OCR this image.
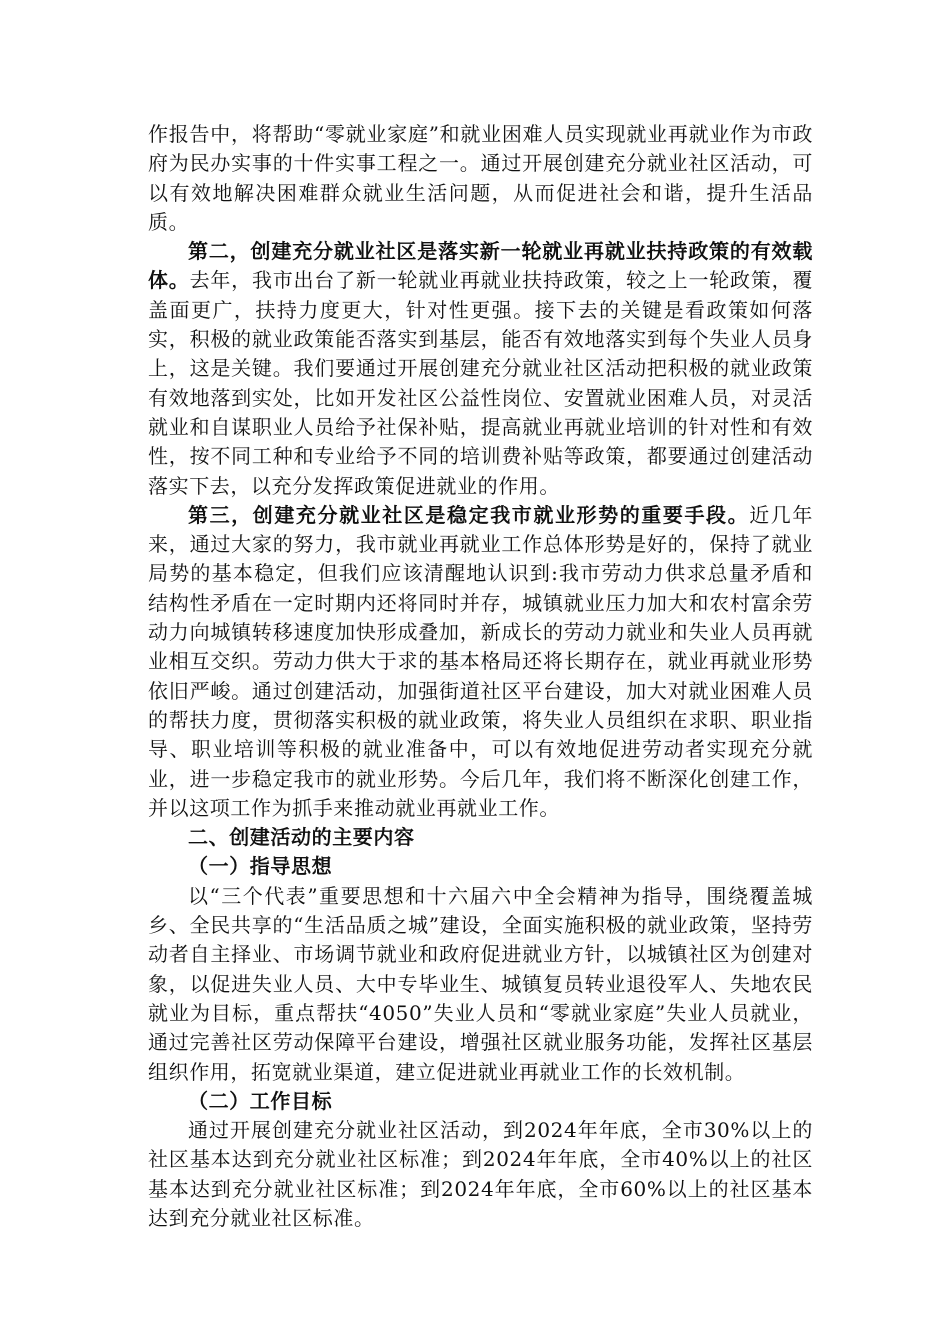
作报告中，将帮助“零就业家庭”和就业困难人员实现就业再就业作为市政府为民办实事的十件实事工程之一。通过开展创建充分就业社区活动，可以有效地解决困难群众就业生活问题，从而促进社会和谐，提升生活品质。

第二，创建充分就业社区是落实新一轮就业再就业扶持政策的有效载体。去年，我市出台了新一轮就业再就业扶持政策，较之上一轮政策，覆盖面更广，扶持力度更大，针对性更强。接下去的关键是看政策如何落实，积极的就业政策能否落实到基层，能否有效地落实到每个失业人员身上，这是关键。我们要通过开展创建充分就业社区活动把积极的就业政策有效地落到实处，比如开发社区公益性岗位、安置就业困难人员，对灵活就业和自谋职业人员给予社保补贴，提高就业再就业培训的针对性和有效性，按不同工种和专业给予不同的培训费补贴等政策，都要通过创建活动落实下去，以充分发挥政策促进就业的作用。

第三，创建充分就业社区是稳定我市就业形势的重要手段。近几年来，通过大家的努力，我市就业再就业工作总体形势是好的，保持了就业局势的基本稳定，但我们应该清醒地认识到:我市劳动力供求总量矛盾和结构性矛盾在一定时期内还将同时并存，城镇就业压力加大和农村富余劳动力向城镇转移速度加快形成叠加，新成长的劳动力就业和失业人员再就业相互交织。劳动力供大于求的基本格局还将长期存在，就业再就业形势依旧严峻。通过创建活动，加强街道社区平台建设，加大对就业困难人员的帮扶力度，贯彻落实积极的就业政策，将失业人员组织在求职、职业指导、职业培训等积极的就业准备中，可以有效地促进劳动者实现充分就业，进一步稳定我市的就业形势。今后几年，我们将不断深化创建工作，并以这项工作为抓手来推动就业再就业工作。

二、创建活动的主要内容

（一）指导思想

以“三个代表”重要思想和十六届六中全会精神为指导，围绕覆盖城乡、全民共享的“生活品质之城”建设，全面实施积极的就业政策，坚持劳动者自主择业、市场调节就业和政府促进就业方针，以城镇社区为创建对象，以促进失业人员、大中专毕业生、城镇复员转业退役军人、失地农民就业为目标，重点帮扶“4050”失业人员和“零就业家庭”失业人员就业，通过完善社区劳动保障平台建设，增强社区就业服务功能，发挥社区基层组织作用，拓宽就业渠道，建立促进就业再就业工作的长效机制。

（二）工作目标

通过开展创建充分就业社区活动，到2024年年底，全市30%以上的社区基本达到充分就业社区标准；到2024年年底，全市40%以上的社区基本达到充分就业社区标准；到2024年年底，全市60%以上的社区基本达到充分就业社区标准。
